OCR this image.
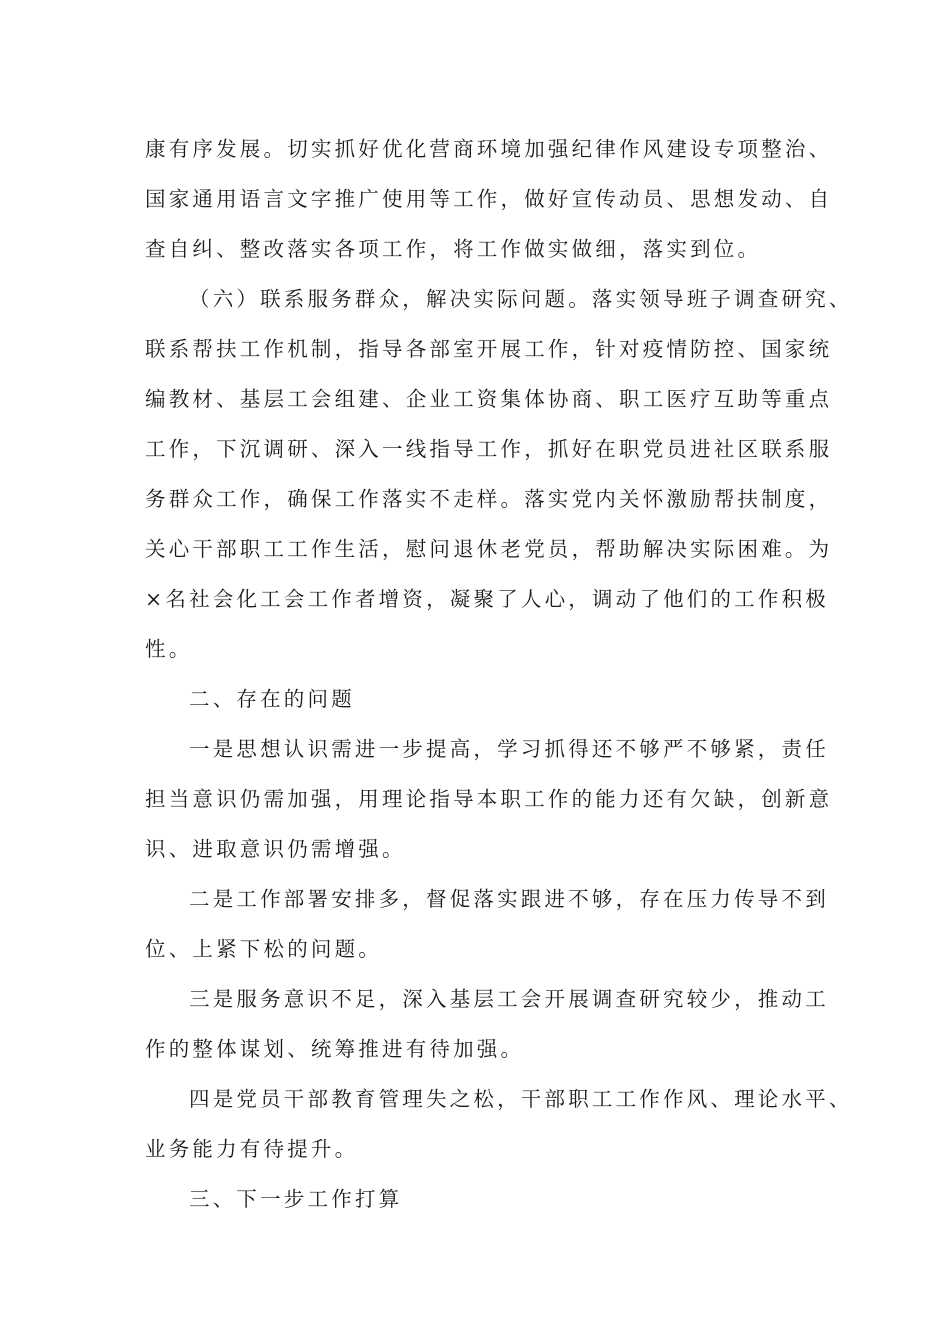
康有序发展。切实抓好优化营商环境加强纪律作风建设专项整治、
国家通用语言文字推广使用等工作，做好宣传动员、思想发动、自
查自纠、整改落实各项工作，将工作做实做细，落实到位。
（六）联系服务群众，解决实际问题。落实领导班子调查研究、
联系帮扶工作机制，指导各部室开展工作，针对疫情防控、国家统
编教材、基层工会组建、企业工资集体协商、职工医疗互助等重点
工作，下沉调研、深入一线指导工作，抓好在职党员进社区联系服
务群众工作，确保工作落实不走样。落实党内关怀激励帮扶制度，
关心干部职工工作生活，慰问退休老党员，帮助解决实际困难。为
×名社会化工会工作者增资，凝聚了人心，调动了他们的工作积极
性。
二、存在的问题
一是思想认识需进一步提高，学习抓得还不够严不够紧，责任
担当意识仍需加强，用理论指导本职工作的能力还有欠缺，创新意
识、进取意识仍需增强。
二是工作部署安排多，督促落实跟进不够，存在压力传导不到
位、上紧下松的问题。
三是服务意识不足，深入基层工会开展调查研究较少，推动工
作的整体谋划、统筹推进有待加强。
四是党员干部教育管理失之松，干部职工工作作风、理论水平、
业务能力有待提升。
三、下一步工作打算
